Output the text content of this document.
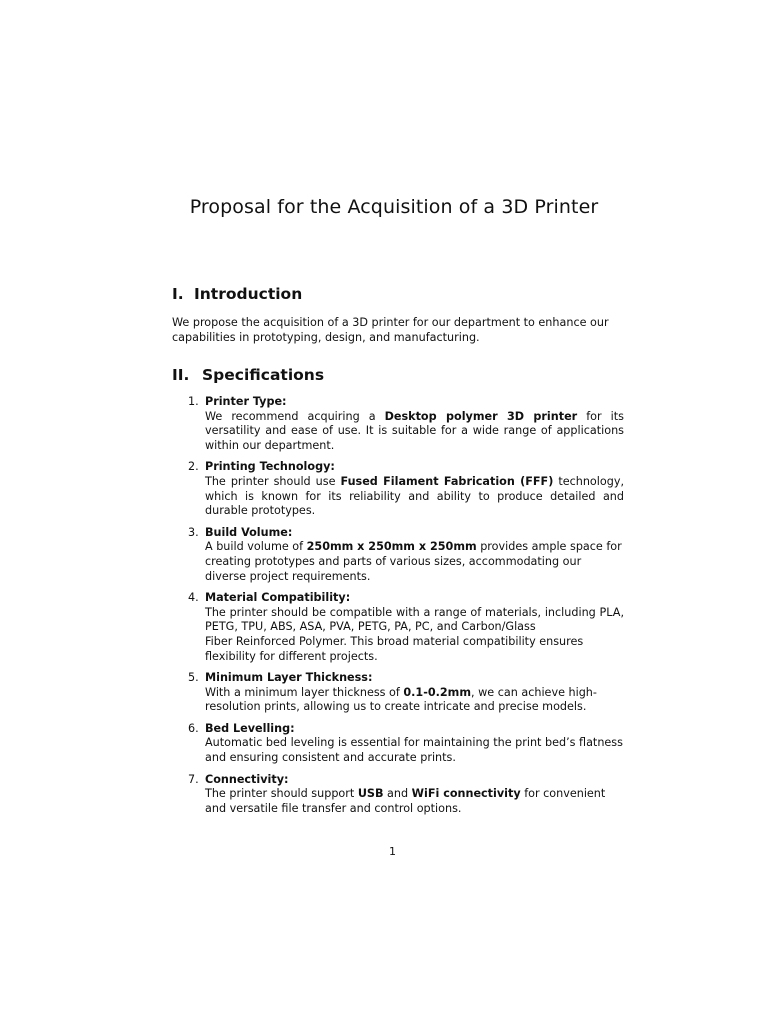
Proposal for the Acquisition of a 3D Printer
I. Introduction

We propose the acquisition of a 3D printer for our department to enhance our capabilities in prototyping, design, and manufacturing.

II. Specifications
1. Printer Type:
We recommend acquiring a Desktop polymer 3D printer for its versatility and ease of use. It is suitable for a wide range of applications within our department.
2. Printing Technology:
The printer should use Fused Filament Fabrication (FFF) technology, which is known for its reliability and ability to produce detailed and durable prototypes.
3. Build Volume:
A build volume of 250mm x 250mm x 250mm provides ample space for creating prototypes and parts of various sizes, accommodating our diverse project requirements.
4. Material Compatibility:
The printer should be compatible with a range of materials, including PLA, PETG, TPU, ABS, ASA, PVA, PETG, PA, PC, and Carbon/Glass
Fiber Reinforced Polymer. This broad material compatibility ensures flexibility for different projects.
5. Minimum Layer Thickness:
With a minimum layer thickness of 0.1-0.2mm, we can achieve high-resolution prints, allowing us to create intricate and precise models.
6. Bed Levelling:
Automatic bed leveling is essential for maintaining the print bed’s flatness and ensuring consistent and accurate prints.
7. Connectivity:
The printer should support USB and WiFi connectivity for convenient and versatile file transfer and control options.
1
